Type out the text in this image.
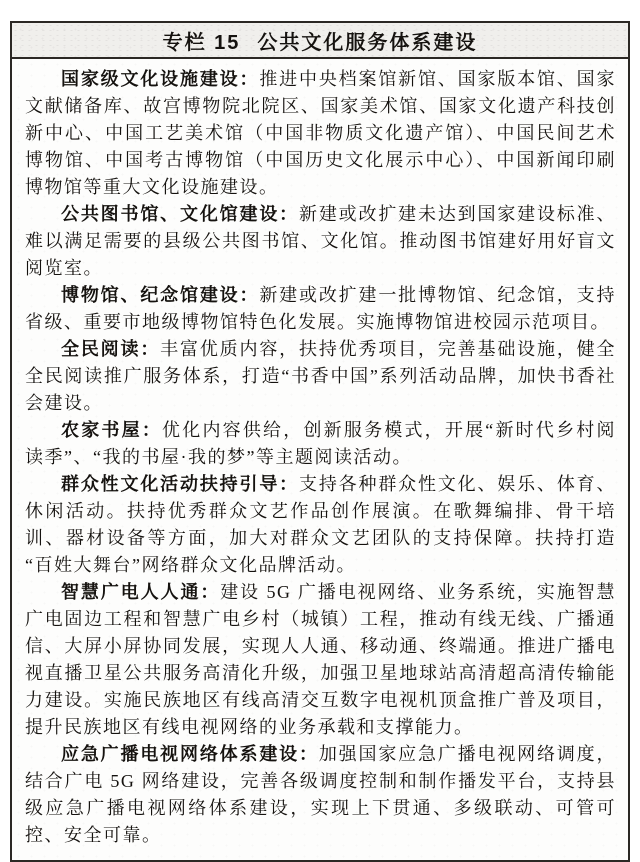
专栏 15 公共文化服务体系建设

国家级文化设施建设：推进中央档案馆新馆、国家版本馆、国家文献储备库、故宫博物院北院区、国家美术馆、国家文化遗产科技创新中心、中国工艺美术馆（中国非物质文化遗产馆）、中国民间艺术博物馆、中国考古博物馆（中国历史文化展示中心）、中国新闻印刷博物馆等重大文化设施建设。

公共图书馆、文化馆建设：新建或改扩建未达到国家建设标准、难以满足需要的县级公共图书馆、文化馆。推动图书馆建好用好盲文阅览室。

博物馆、纪念馆建设：新建或改扩建一批博物馆、纪念馆，支持省级、重要市地级博物馆特色化发展。实施博物馆进校园示范项目。

全民阅读：丰富优质内容，扶持优秀项目，完善基础设施，健全全民阅读推广服务体系，打造“书香中国”系列活动品牌，加快书香社会建设。

农家书屋：优化内容供给，创新服务模式，开展“新时代乡村阅读季”、“我的书屋·我的梦”等主题阅读活动。

群众性文化活动扶持引导：支持各种群众性文化、娱乐、体育、休闲活动。扶持优秀群众文艺作品创作展演。在歌舞编排、骨干培训、器材设备等方面，加大对群众文艺团队的支持保障。扶持打造“百姓大舞台”网络群众文化品牌活动。

智慧广电人人通：建设 5G 广播电视网络、业务系统，实施智慧广电固边工程和智慧广电乡村（城镇）工程，推动有线无线、广播通信、大屏小屏协同发展，实现人人通、移动通、终端通。推进广播电视直播卫星公共服务高清化升级，加强卫星地球站高清超高清传输能力建设。实施民族地区有线高清交互数字电视机顶盒推广普及项目，提升民族地区有线电视网络的业务承载和支撑能力。

应急广播电视网络体系建设：加强国家应急广播电视网络调度，结合广电 5G 网络建设，完善各级调度控制和制作播发平台，支持县级应急广播电视网络体系建设，实现上下贯通、多级联动、可管可控、安全可靠。
